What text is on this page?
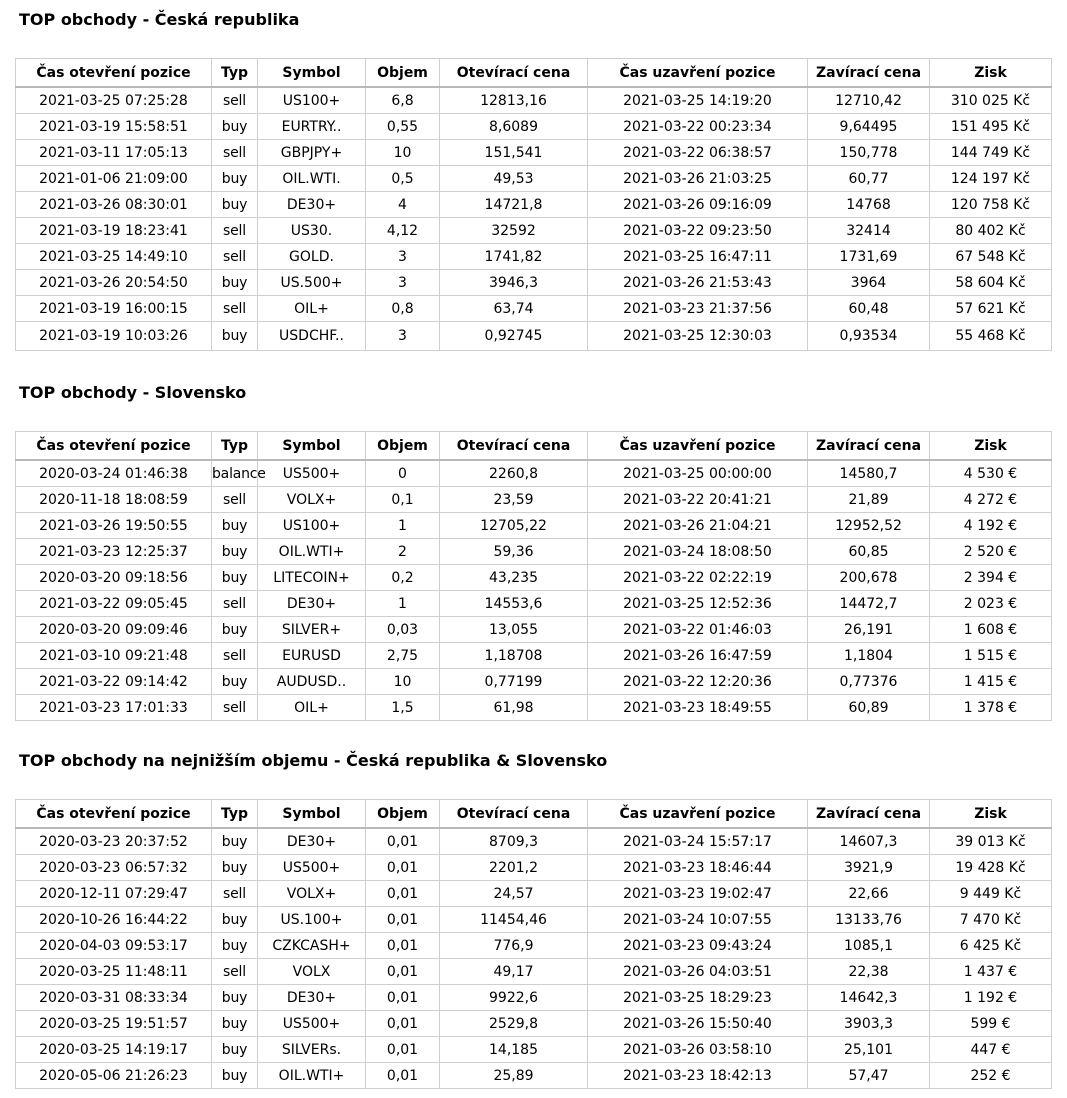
TOP obchody - Česká republika
Čas otevření pozice	Typ	Symbol	Objem	Otevírací cena	Čas uzavření pozice	Zavírací cena	Zisk
2021-03-25 07:25:28	sell	US100+	6,8	12813,16	2021-03-25 14:19:20	12710,42	310 025 Kč
2021-03-19 15:58:51	buy	EURTRY..	0,55	8,6089	2021-03-22 00:23:34	9,64495	151 495 Kč
2021-03-11 17:05:13	sell	GBPJPY+	10	151,541	2021-03-22 06:38:57	150,778	144 749 Kč
2021-01-06 21:09:00	buy	OIL.WTI.	0,5	49,53	2021-03-26 21:03:25	60,77	124 197 Kč
2021-03-26 08:30:01	buy	DE30+	4	14721,8	2021-03-26 09:16:09	14768	120 758 Kč
2021-03-19 18:23:41	sell	US30.	4,12	32592	2021-03-22 09:23:50	32414	80 402 Kč
2021-03-25 14:49:10	sell	GOLD.	3	1741,82	2021-03-25 16:47:11	1731,69	67 548 Kč
2021-03-26 20:54:50	buy	US.500+	3	3946,3	2021-03-26 21:53:43	3964	58 604 Kč
2021-03-19 16:00:15	sell	OIL+	0,8	63,74	2021-03-23 21:37:56	60,48	57 621 Kč
2021-03-19 10:03:26	buy	USDCHF..	3	0,92745	2021-03-25 12:30:03	0,93534	55 468 Kč
TOP obchody - Slovensko
Čas otevření pozice	Typ	Symbol	Objem	Otevírací cena	Čas uzavření pozice	Zavírací cena	Zisk
2020-03-24 01:46:38	balance	US500+	0	2260,8	2021-03-25 00:00:00	14580,7	4 530 €
2020-11-18 18:08:59	sell	VOLX+	0,1	23,59	2021-03-22 20:41:21	21,89	4 272 €
2021-03-26 19:50:55	buy	US100+	1	12705,22	2021-03-26 21:04:21	12952,52	4 192 €
2021-03-23 12:25:37	buy	OIL.WTI+	2	59,36	2021-03-24 18:08:50	60,85	2 520 €
2020-03-20 09:18:56	buy	LITECOIN+	0,2	43,235	2021-03-22 02:22:19	200,678	2 394 €
2021-03-22 09:05:45	sell	DE30+	1	14553,6	2021-03-25 12:52:36	14472,7	2 023 €
2020-03-20 09:09:46	buy	SILVER+	0,03	13,055	2021-03-22 01:46:03	26,191	1 608 €
2021-03-10 09:21:48	sell	EURUSD	2,75	1,18708	2021-03-26 16:47:59	1,1804	1 515 €
2021-03-22 09:14:42	buy	AUDUSD..	10	0,77199	2021-03-22 12:20:36	0,77376	1 415 €
2021-03-23 17:01:33	sell	OIL+	1,5	61,98	2021-03-23 18:49:55	60,89	1 378 €
TOP obchody na nejnižším objemu - Česká republika & Slovensko
Čas otevření pozice	Typ	Symbol	Objem	Otevírací cena	Čas uzavření pozice	Zavírací cena	Zisk
2020-03-23 20:37:52	buy	DE30+	0,01	8709,3	2021-03-24 15:57:17	14607,3	39 013 Kč
2020-03-23 06:57:32	buy	US500+	0,01	2201,2	2021-03-23 18:46:44	3921,9	19 428 Kč
2020-12-11 07:29:47	sell	VOLX+	0,01	24,57	2021-03-23 19:02:47	22,66	9 449 Kč
2020-10-26 16:44:22	buy	US.100+	0,01	11454,46	2021-03-24 10:07:55	13133,76	7 470 Kč
2020-04-03 09:53:17	buy	CZKCASH+	0,01	776,9	2021-03-23 09:43:24	1085,1	6 425 Kč
2020-03-25 11:48:11	sell	VOLX	0,01	49,17	2021-03-26 04:03:51	22,38	1 437 €
2020-03-31 08:33:34	buy	DE30+	0,01	9922,6	2021-03-25 18:29:23	14642,3	1 192 €
2020-03-25 19:51:57	buy	US500+	0,01	2529,8	2021-03-26 15:50:40	3903,3	599 €
2020-03-25 14:19:17	buy	SILVERs.	0,01	14,185	2021-03-26 03:58:10	25,101	447 €
2020-05-06 21:26:23	buy	OIL.WTI+	0,01	25,89	2021-03-23 18:42:13	57,47	252 €
